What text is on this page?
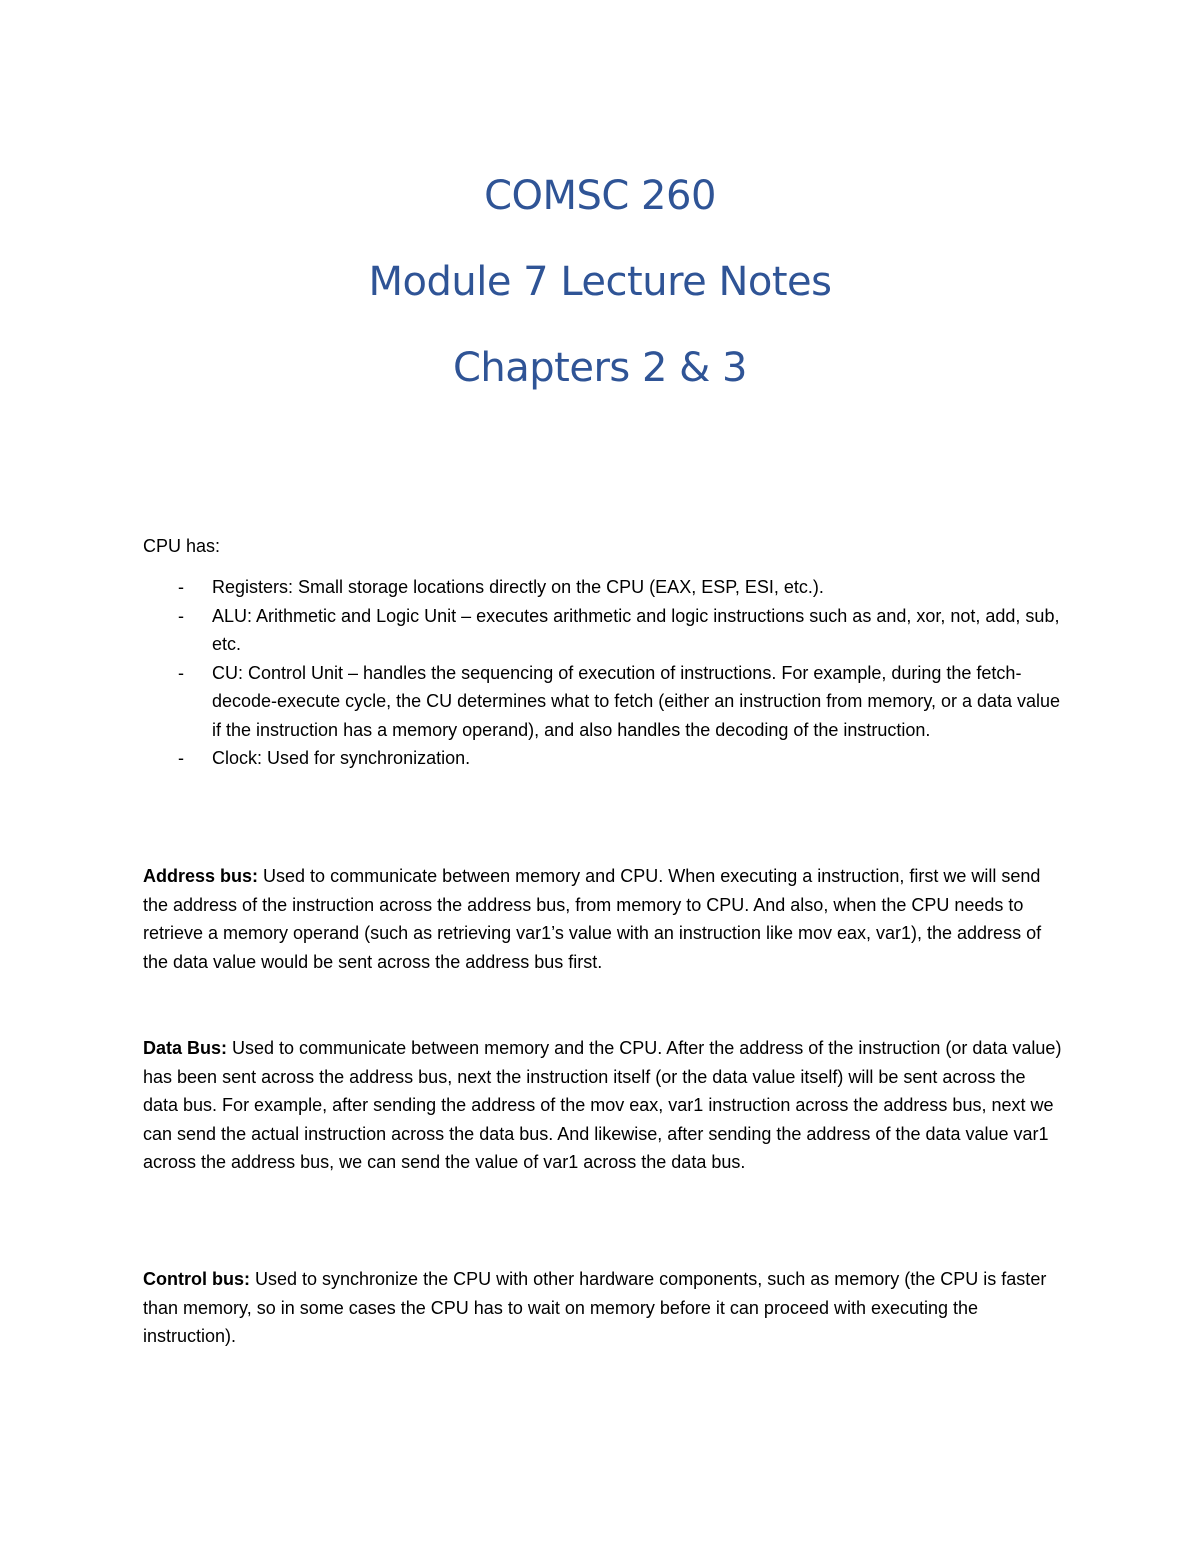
COMSC 260
Module 7 Lecture Notes
Chapters 2 & 3
CPU has:
- Registers: Small storage locations directly on the CPU (EAX, ESP, ESI, etc.).
- ALU: Arithmetic and Logic Unit – executes arithmetic and logic instructions such as and, xor, not, add, sub, etc.
- CU: Control Unit – handles the sequencing of execution of instructions. For example, during the fetch-decode-execute cycle, the CU determines what to fetch (either an instruction from memory, or a data value if the instruction has a memory operand), and also handles the decoding of the instruction.
- Clock: Used for synchronization.

Address bus: Used to communicate between memory and CPU. When executing a instruction, first we will send the address of the instruction across the address bus, from memory to CPU. And also, when the CPU needs to retrieve a memory operand (such as retrieving var1’s value with an instruction like mov eax, var1), the address of the data value would be sent across the address bus first.

Data Bus: Used to communicate between memory and the CPU. After the address of the instruction (or data value) has been sent across the address bus, next the instruction itself (or the data value itself) will be sent across the data bus. For example, after sending the address of the mov eax, var1 instruction across the address bus, next we can send the actual instruction across the data bus. And likewise, after sending the address of the data value var1 across the address bus, we can send the value of var1 across the data bus.

Control bus: Used to synchronize the CPU with other hardware components, such as memory (the CPU is faster than memory, so in some cases the CPU has to wait on memory before it can proceed with executing the instruction).
